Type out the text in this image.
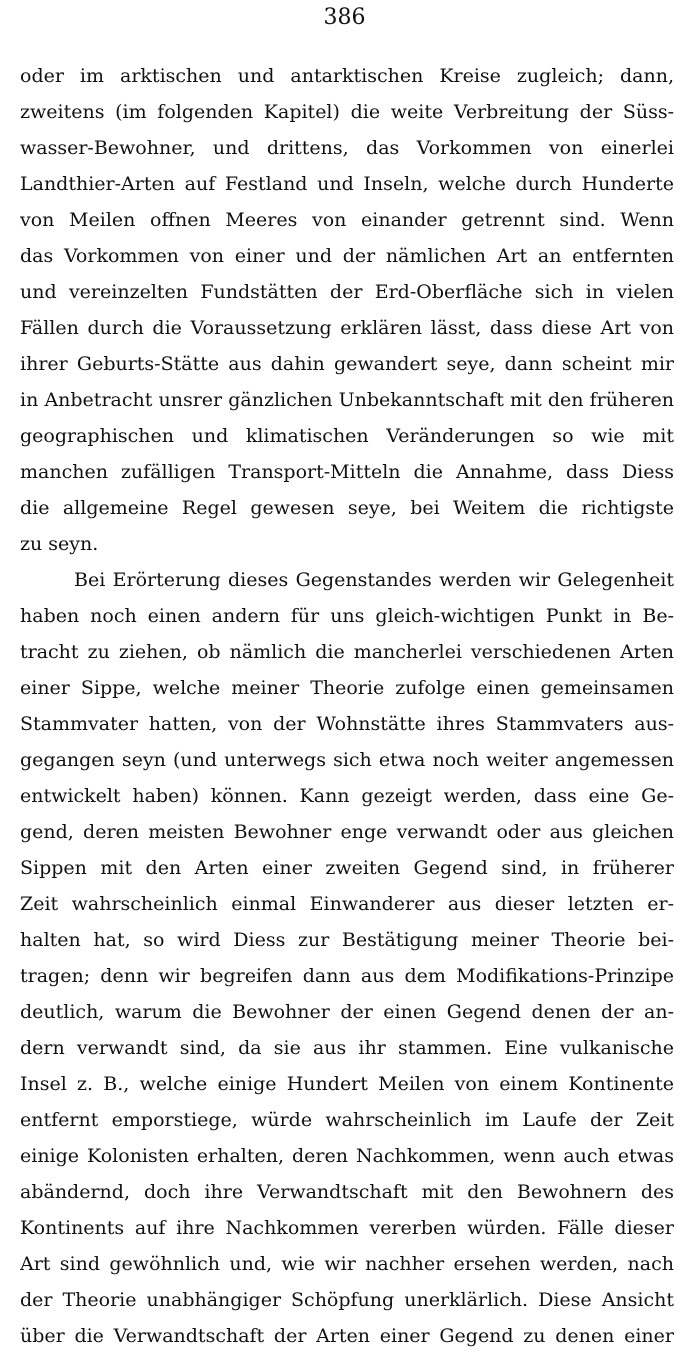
386
oder im arktischen und antarktischen Kreise zugleich; dann,
zweitens (im folgenden Kapitel) die weite Verbreitung der Süss-
wasser-Bewohner, und drittens, das Vorkommen von einerlei
Landthier-Arten auf Festland und Inseln, welche durch Hunderte
von Meilen offnen Meeres von einander getrennt sind. Wenn
das Vorkommen von einer und der nämlichen Art an entfernten
und vereinzelten Fundstätten der Erd-Oberfläche sich in vielen
Fällen durch die Voraussetzung erklären lässt, dass diese Art von
ihrer Geburts-Stätte aus dahin gewandert seye, dann scheint mir
in Anbetracht unsrer gänzlichen Unbekanntschaft mit den früheren
geographischen und klimatischen Veränderungen so wie mit
manchen zufälligen Transport-Mitteln die Annahme, dass Diess
die allgemeine Regel gewesen seye, bei Weitem die richtigste
zu seyn.
Bei Erörterung dieses Gegenstandes werden wir Gelegenheit
haben noch einen andern für uns gleich-wichtigen Punkt in Be-
tracht zu ziehen, ob nämlich die mancherlei verschiedenen Arten
einer Sippe, welche meiner Theorie zufolge einen gemeinsamen
Stammvater hatten, von der Wohnstätte ihres Stammvaters aus-
gegangen seyn (und unterwegs sich etwa noch weiter angemessen
entwickelt haben) können. Kann gezeigt werden, dass eine Ge-
gend, deren meisten Bewohner enge verwandt oder aus gleichen
Sippen mit den Arten einer zweiten Gegend sind, in früherer
Zeit wahrscheinlich einmal Einwanderer aus dieser letzten er-
halten hat, so wird Diess zur Bestätigung meiner Theorie bei-
tragen; denn wir begreifen dann aus dem Modifikations-Prinzipe
deutlich, warum die Bewohner der einen Gegend denen der an-
dern verwandt sind, da sie aus ihr stammen. Eine vulkanische
Insel z. B., welche einige Hundert Meilen von einem Kontinente
entfernt emporstiege, würde wahrscheinlich im Laufe der Zeit
einige Kolonisten erhalten, deren Nachkommen, wenn auch etwas
abändernd, doch ihre Verwandtschaft mit den Bewohnern des
Kontinents auf ihre Nachkommen vererben würden. Fälle dieser
Art sind gewöhnlich und, wie wir nachher ersehen werden, nach
der Theorie unabhängiger Schöpfung unerklärlich. Diese Ansicht
über die Verwandtschaft der Arten einer Gegend zu denen einer
